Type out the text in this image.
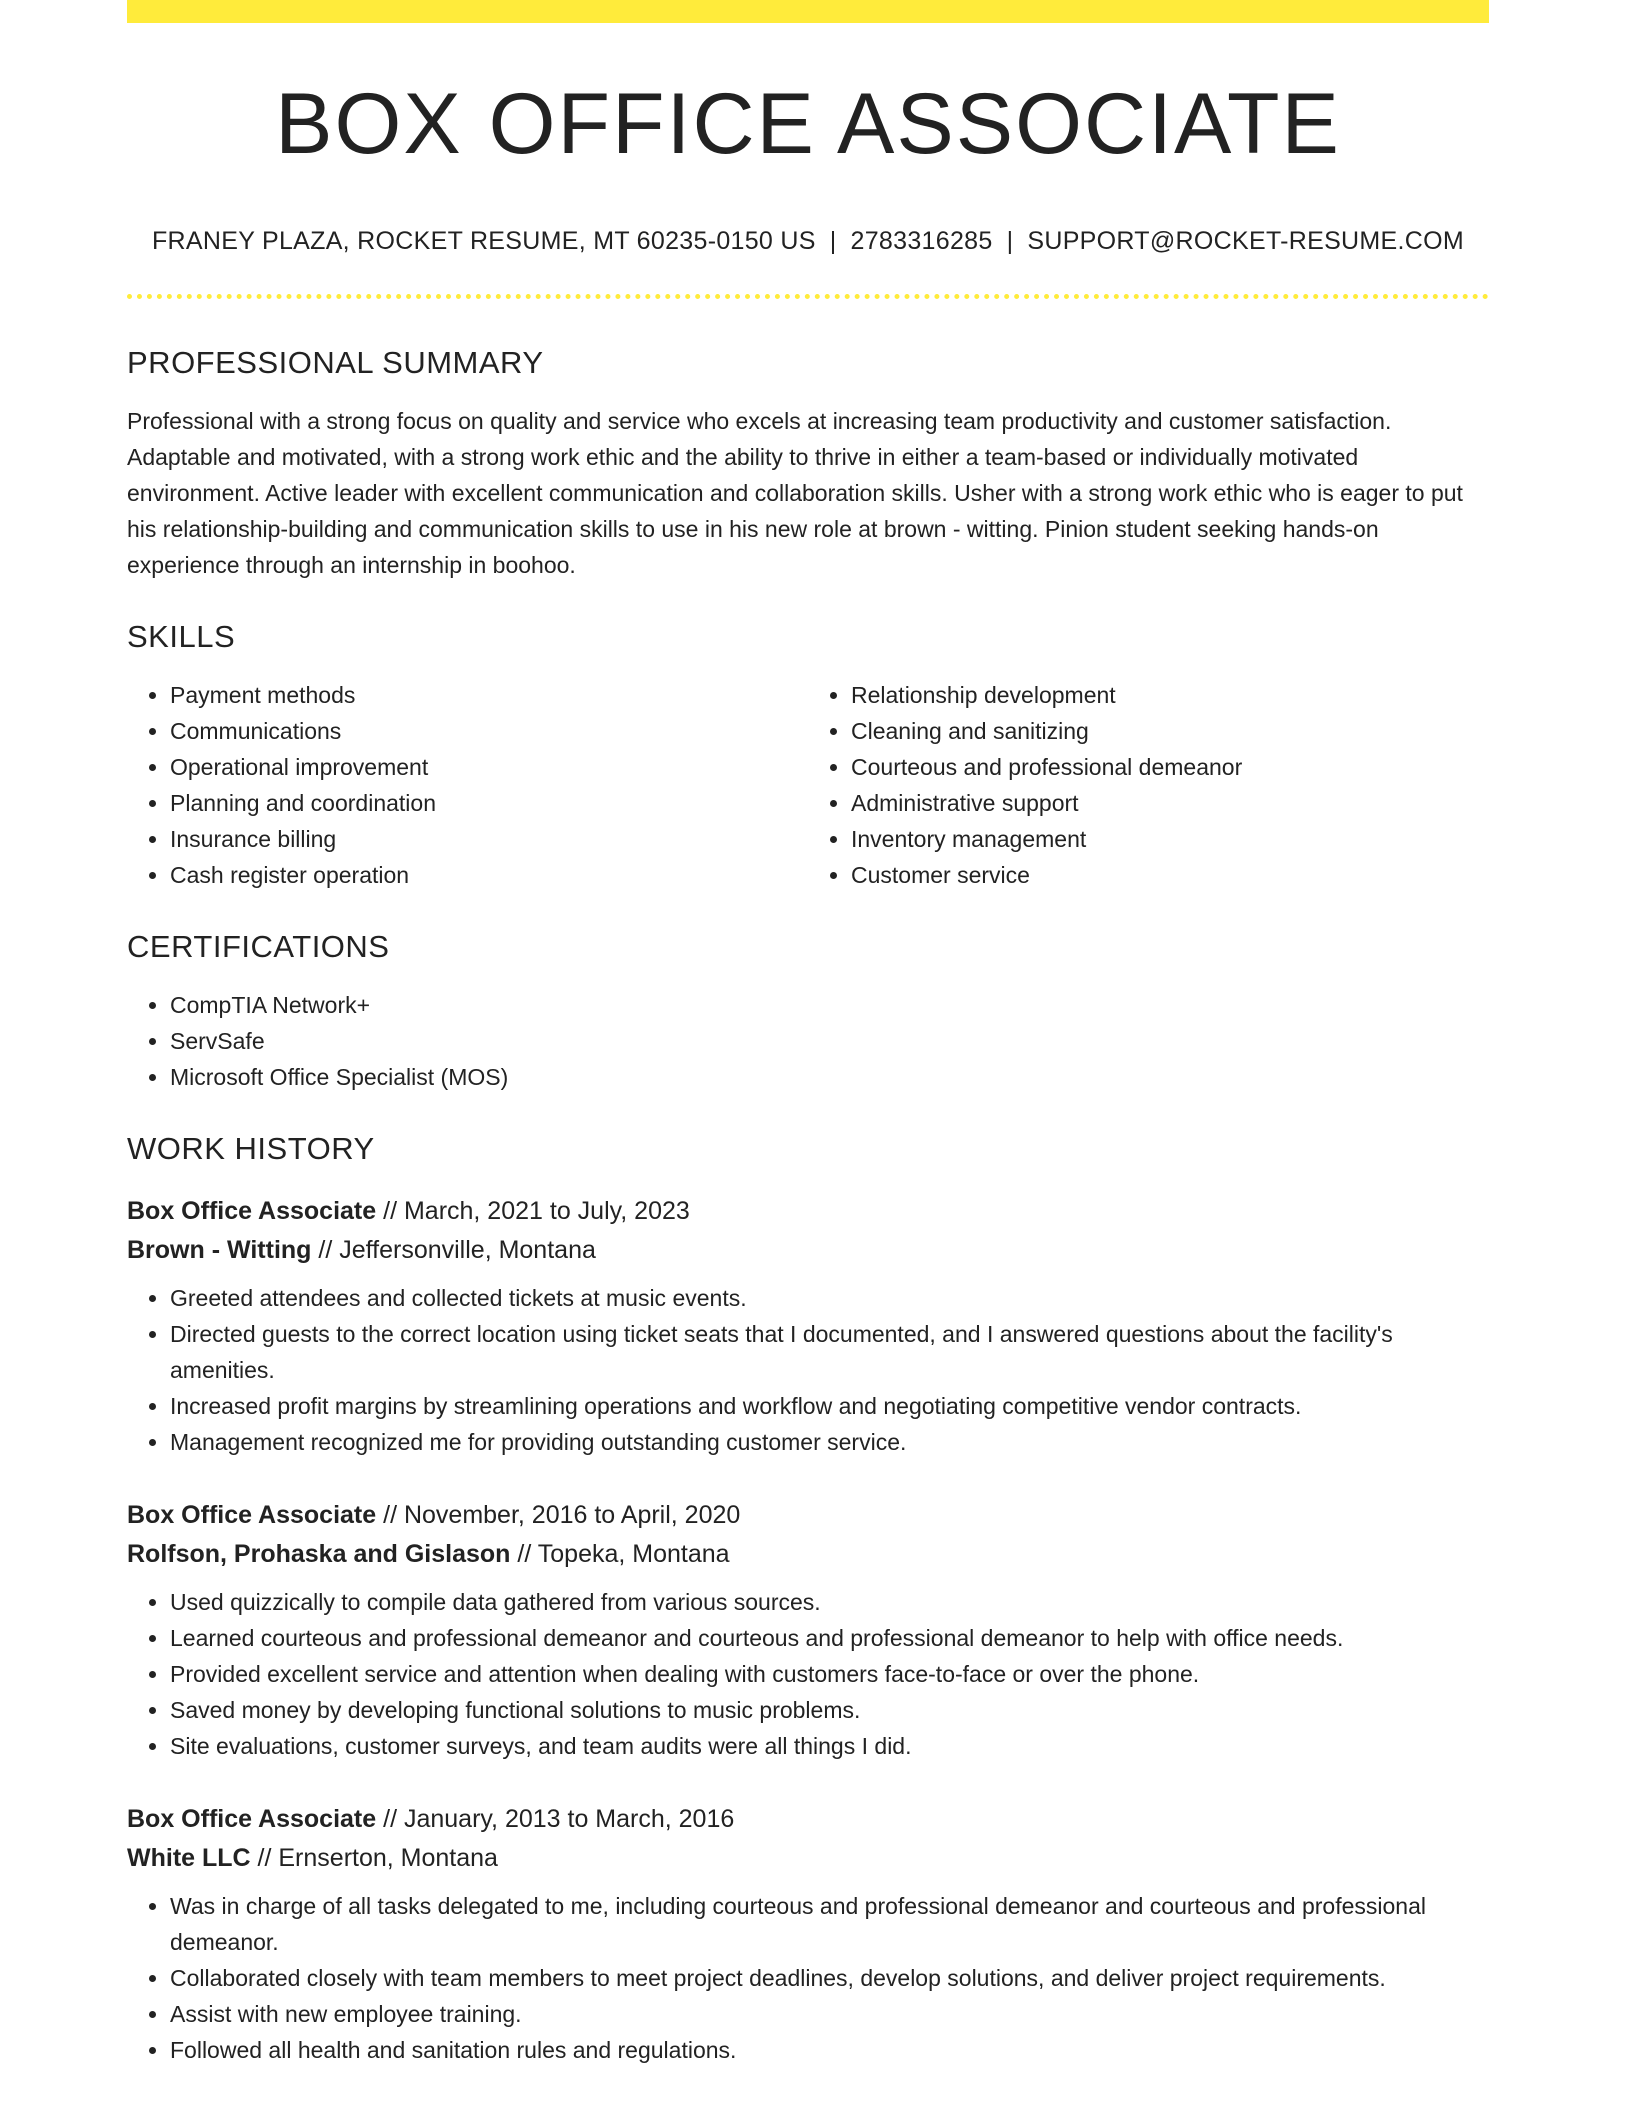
BOX OFFICE ASSOCIATE
FRANEY PLAZA, ROCKET RESUME, MT 60235-0150 US | 2783316285 | SUPPORT@ROCKET-RESUME.COM
PROFESSIONAL SUMMARY

Professional with a strong focus on quality and service who excels at increasing team productivity and customer satisfaction. Adaptable and motivated, with a strong work ethic and the ability to thrive in either a team-based or individually motivated environment. Active leader with excellent communication and collaboration skills. Usher with a strong work ethic who is eager to put his relationship-building and communication skills to use in his new role at brown - witting. Pinion student seeking hands-on experience through an internship in boohoo.

SKILLS
• Payment methods
• Communications
• Operational improvement
• Planning and coordination
• Insurance billing
• Cash register operation
• Relationship development
• Cleaning and sanitizing
• Courteous and professional demeanor
• Administrative support
• Inventory management
• Customer service
CERTIFICATIONS
• CompTIA Network+
• ServSafe
• Microsoft Office Specialist (MOS)
WORK HISTORY
Box Office Associate // March, 2021 to July, 2023
Brown - Witting // Jeffersonville, Montana
• Greeted attendees and collected tickets at music events.
• Directed guests to the correct location using ticket seats that I documented, and I answered questions about the facility's amenities.
• Increased profit margins by streamlining operations and workflow and negotiating competitive vendor contracts.
• Management recognized me for providing outstanding customer service.
Box Office Associate // November, 2016 to April, 2020
Rolfson, Prohaska and Gislason // Topeka, Montana
• Used quizzically to compile data gathered from various sources.
• Learned courteous and professional demeanor and courteous and professional demeanor to help with office needs.
• Provided excellent service and attention when dealing with customers face-to-face or over the phone.
• Saved money by developing functional solutions to music problems.
• Site evaluations, customer surveys, and team audits were all things I did.
Box Office Associate // January, 2013 to March, 2016
White LLC // Ernserton, Montana
• Was in charge of all tasks delegated to me, including courteous and professional demeanor and courteous and professional demeanor.
• Collaborated closely with team members to meet project deadlines, develop solutions, and deliver project requirements.
• Assist with new employee training.
• Followed all health and sanitation rules and regulations.
